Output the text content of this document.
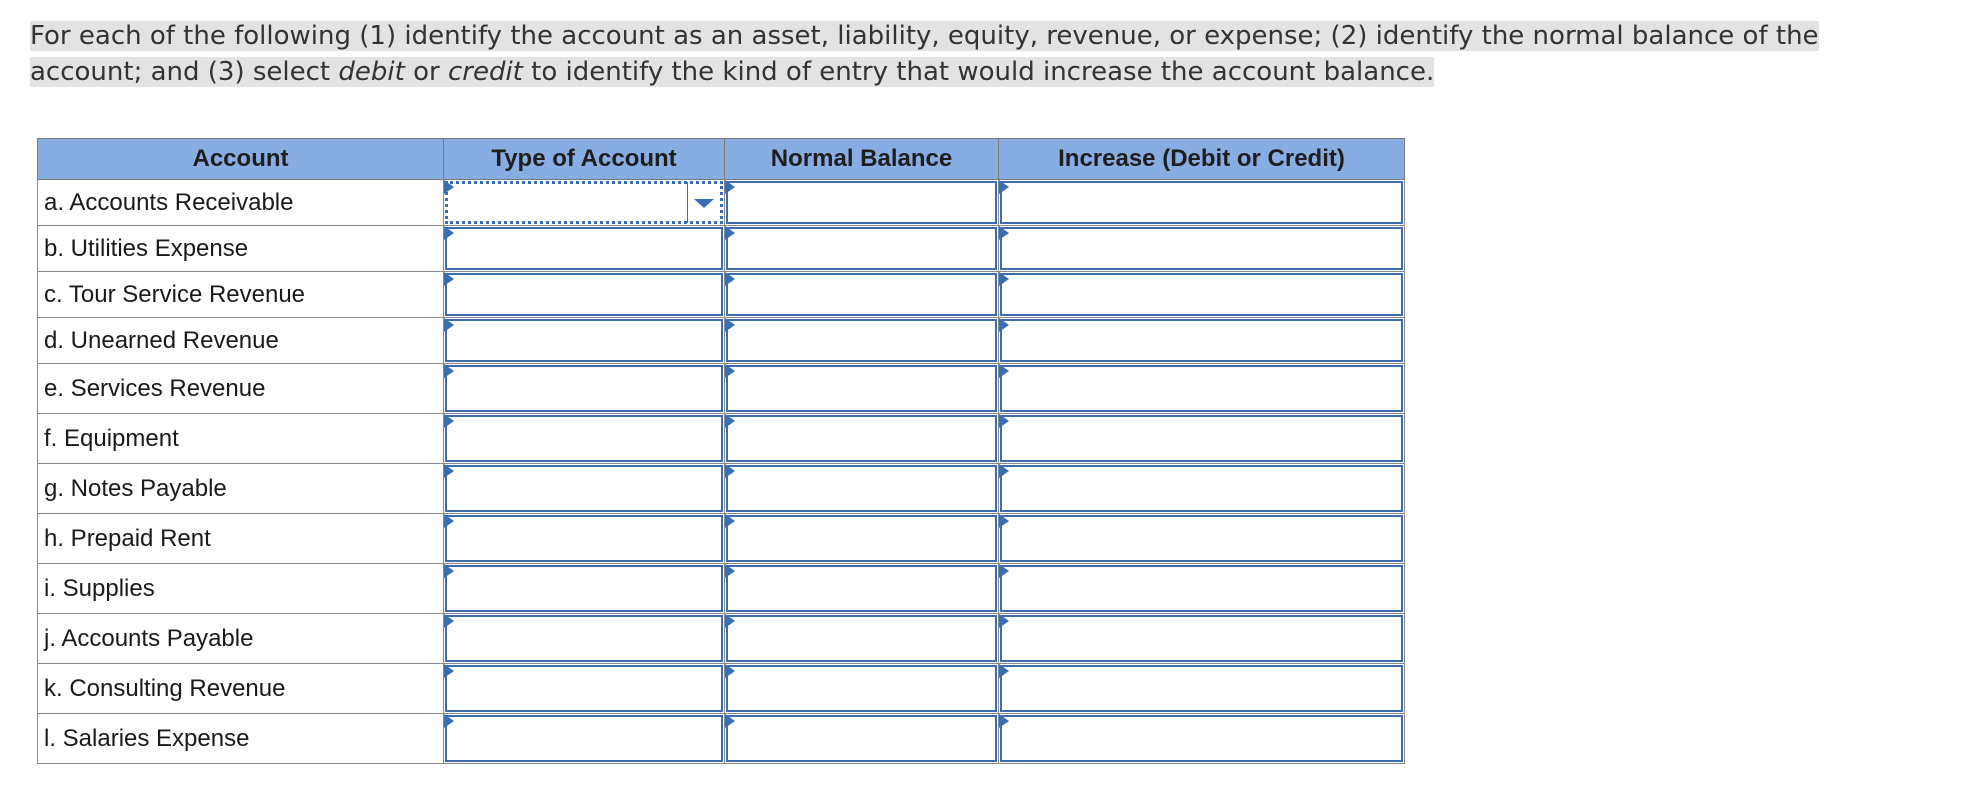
For each of the following (1) identify the account as an asset, liability, equity, revenue, or expense; (2) identify the normal balance of the account; and (3) select debit or credit to identify the kind of entry that would increase the account balance.
Account	Type of Account	Normal Balance	Increase (Debit or Credit)
a. Accounts Receivable	

b. Utilities Expense	

c. Tour Service Revenue	

d. Unearned Revenue	

e. Services Revenue	

f. Equipment	

g. Notes Payable	

h. Prepaid Rent	

i. Supplies	

j. Accounts Payable	

k. Consulting Revenue	

l. Salaries Expense	
